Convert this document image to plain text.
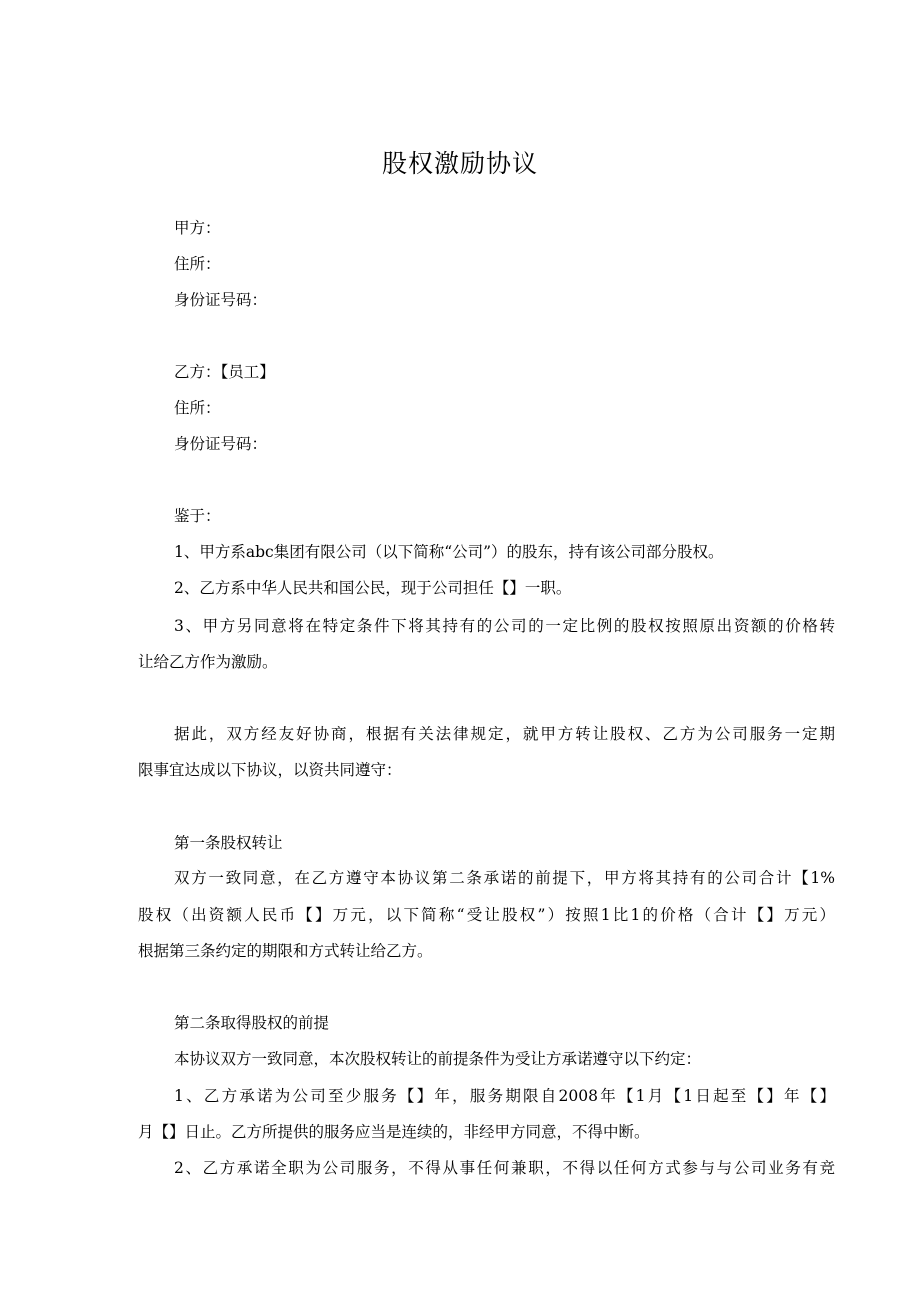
股权激励协议
甲方：
住所：
身份证号码：
乙方：【员工】
住所：
身份证号码：
鉴于：
1、甲方系abc集团有限公司（以下简称“公司”）的股东，持有该公司部分股权。
2、乙方系中华人民共和国公民，现于公司担任【】一职。
3、甲方另同意将在特定条件下将其持有的公司的一定比例的股权按照原出资额的价格转
让给乙方作为激励。
据此，双方经友好协商，根据有关法律规定，就甲方转让股权、乙方为公司服务一定期
限事宜达成以下协议，以资共同遵守：
第一条股权转让
双方一致同意，在乙方遵守本协议第二条承诺的前提下，甲方将其持有的公司合计【1%
股权（出资额人民币【】万元，以下简称“受让股权”）按照1比1的价格（合计【】万元）
根据第三条约定的期限和方式转让给乙方。
第二条取得股权的前提
本协议双方一致同意，本次股权转让的前提条件为受让方承诺遵守以下约定：
1、乙方承诺为公司至少服务【】年，服务期限自2008年【1月【1日起至【】年【】
月【】日止。乙方所提供的服务应当是连续的，非经甲方同意，不得中断。
2、乙方承诺全职为公司服务，不得从事任何兼职，不得以任何方式参与与公司业务有竞
